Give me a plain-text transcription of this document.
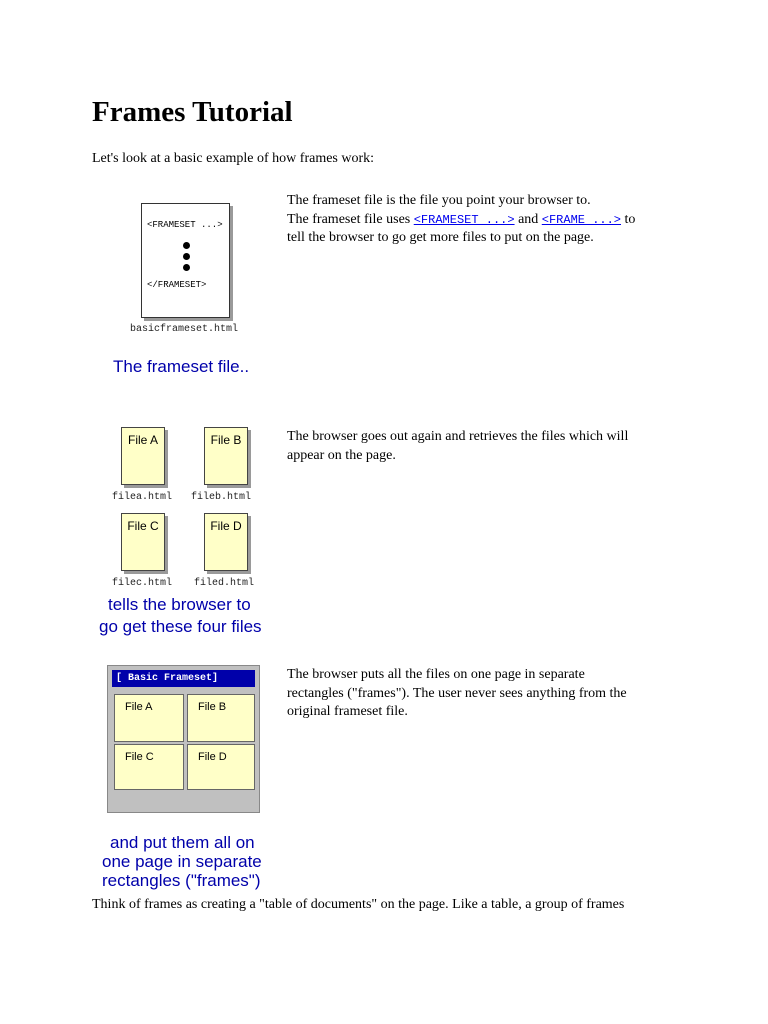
Frames Tutorial
Let's look at a basic example of how frames work:
<FRAMESET ...>
</FRAMESET>
basicframeset.html
The frameset file..
The frameset file is the file you point your browser to.
The frameset file uses <FRAMESET ...> and <FRAME ...> to
tell the browser to go get more files to put on the page.
File A	File B
filea.html fileb.html
File C	File D
filec.html filed.html
tells the browser to
go get these four files
The browser goes out again and retrieves the files which will
appear on the page.
[ Basic Frameset]
File A	File B
File C	File D
and put them all on
one page in separate
rectangles ("frames")
The browser puts all the files on one page in separate
rectangles ("frames"). The user never sees anything from the
original frameset file.
Think of frames as creating a "table of documents" on the page. Like a table, a group of frames
